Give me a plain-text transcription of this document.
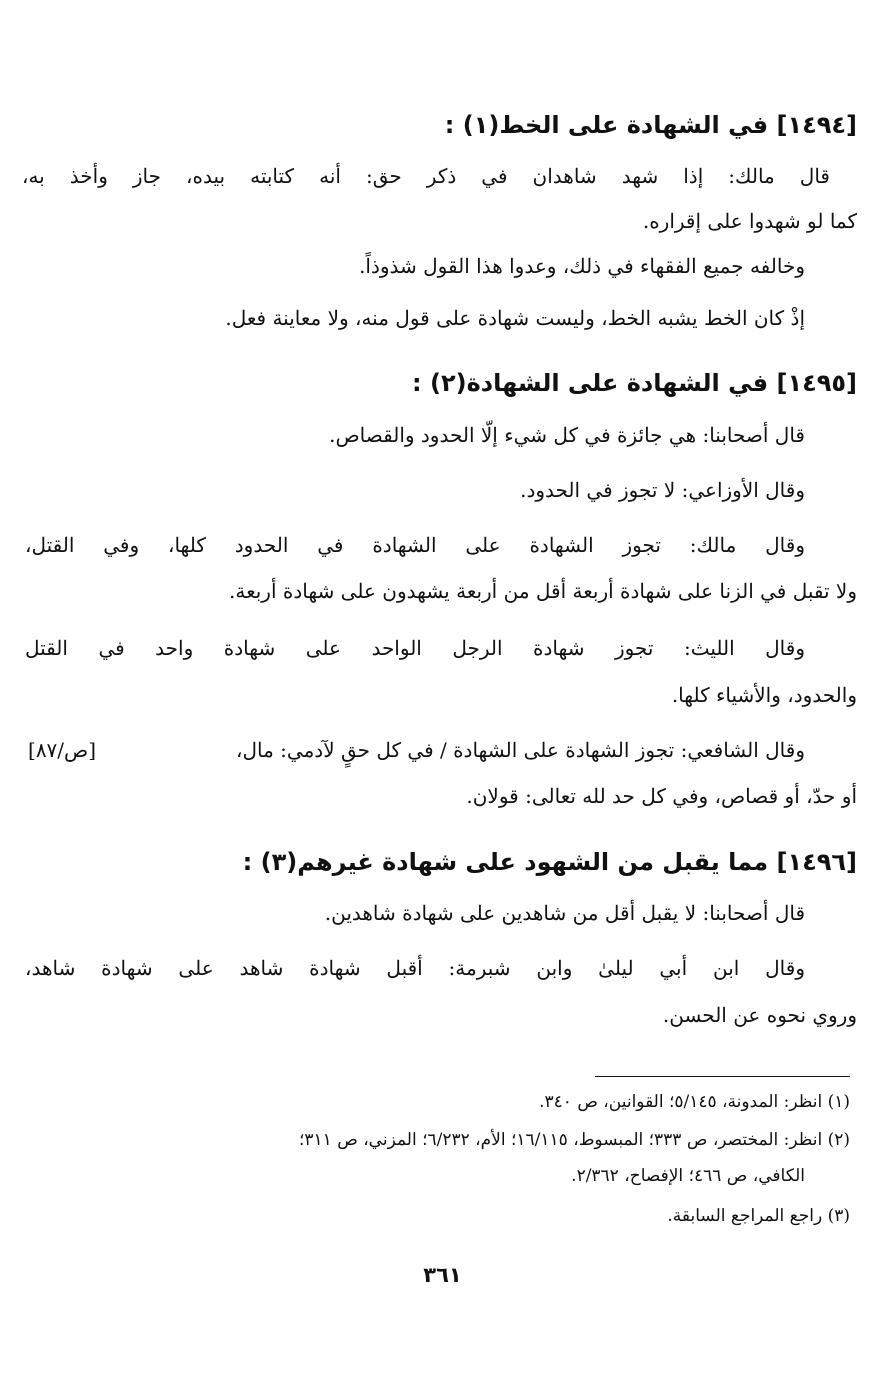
[١٤٩٤] في الشهادة على الخط(١) :

قال مالك: إذا شهد شاهدان في ذكر حق: أنه كتابته بيده، جاز وأخذ به،

كما لو شهدوا على إقراره.

وخالفه جميع الفقهاء في ذلك، وعدوا هذا القول شذوذاً.

إذْ كان الخط يشبه الخط، وليست شهادة على قول منه، ولا معاينة فعل.

[١٤٩٥] في الشهادة على الشهادة(٢) :

قال أصحابنا: هي جائزة في كل شيء إلّا الحدود والقصاص.

وقال الأوزاعي: لا تجوز في الحدود.

وقال مالك: تجوز الشهادة على الشهادة في الحدود كلها، وفي القتل،

ولا تقبل في الزنا على شهادة أربعة أقل من أربعة يشهدون على شهادة أربعة.

وقال الليث: تجوز شهادة الرجل الواحد على شهادة واحد في القتل

والحدود، والأشياء كلها.

وقال الشافعي: تجوز الشهادة على الشهادة / في كل حقٍ لآدمي: مال،

[ص/٨٧]

أو حدّ، أو قصاص، وفي كل حد لله تعالى: قولان.

[١٤٩٦] مما يقبل من الشهود على شهادة غيرهم(٣) :

قال أصحابنا: لا يقبل أقل من شاهدين على شهادة شاهدين.

وقال ابن أبي ليلىٰ وابن شبرمة: أقبل شهادة شاهد على شهادة شاهد،

وروي نحوه عن الحسن.

(١) انظر: المدونة، ٥/١٤٥؛ القوانين، ص ٣٤٠.

(٢) انظر: المختصر، ص ٣٣٣؛ المبسوط، ١٦/١١٥؛ الأم، ٦/٢٣٢؛ المزني، ص ٣١١؛

الكافي، ص ٤٦٦؛ الإفصاح، ٢/٣٦٢.

(٣) راجع المراجع السابقة.

٣٦١
